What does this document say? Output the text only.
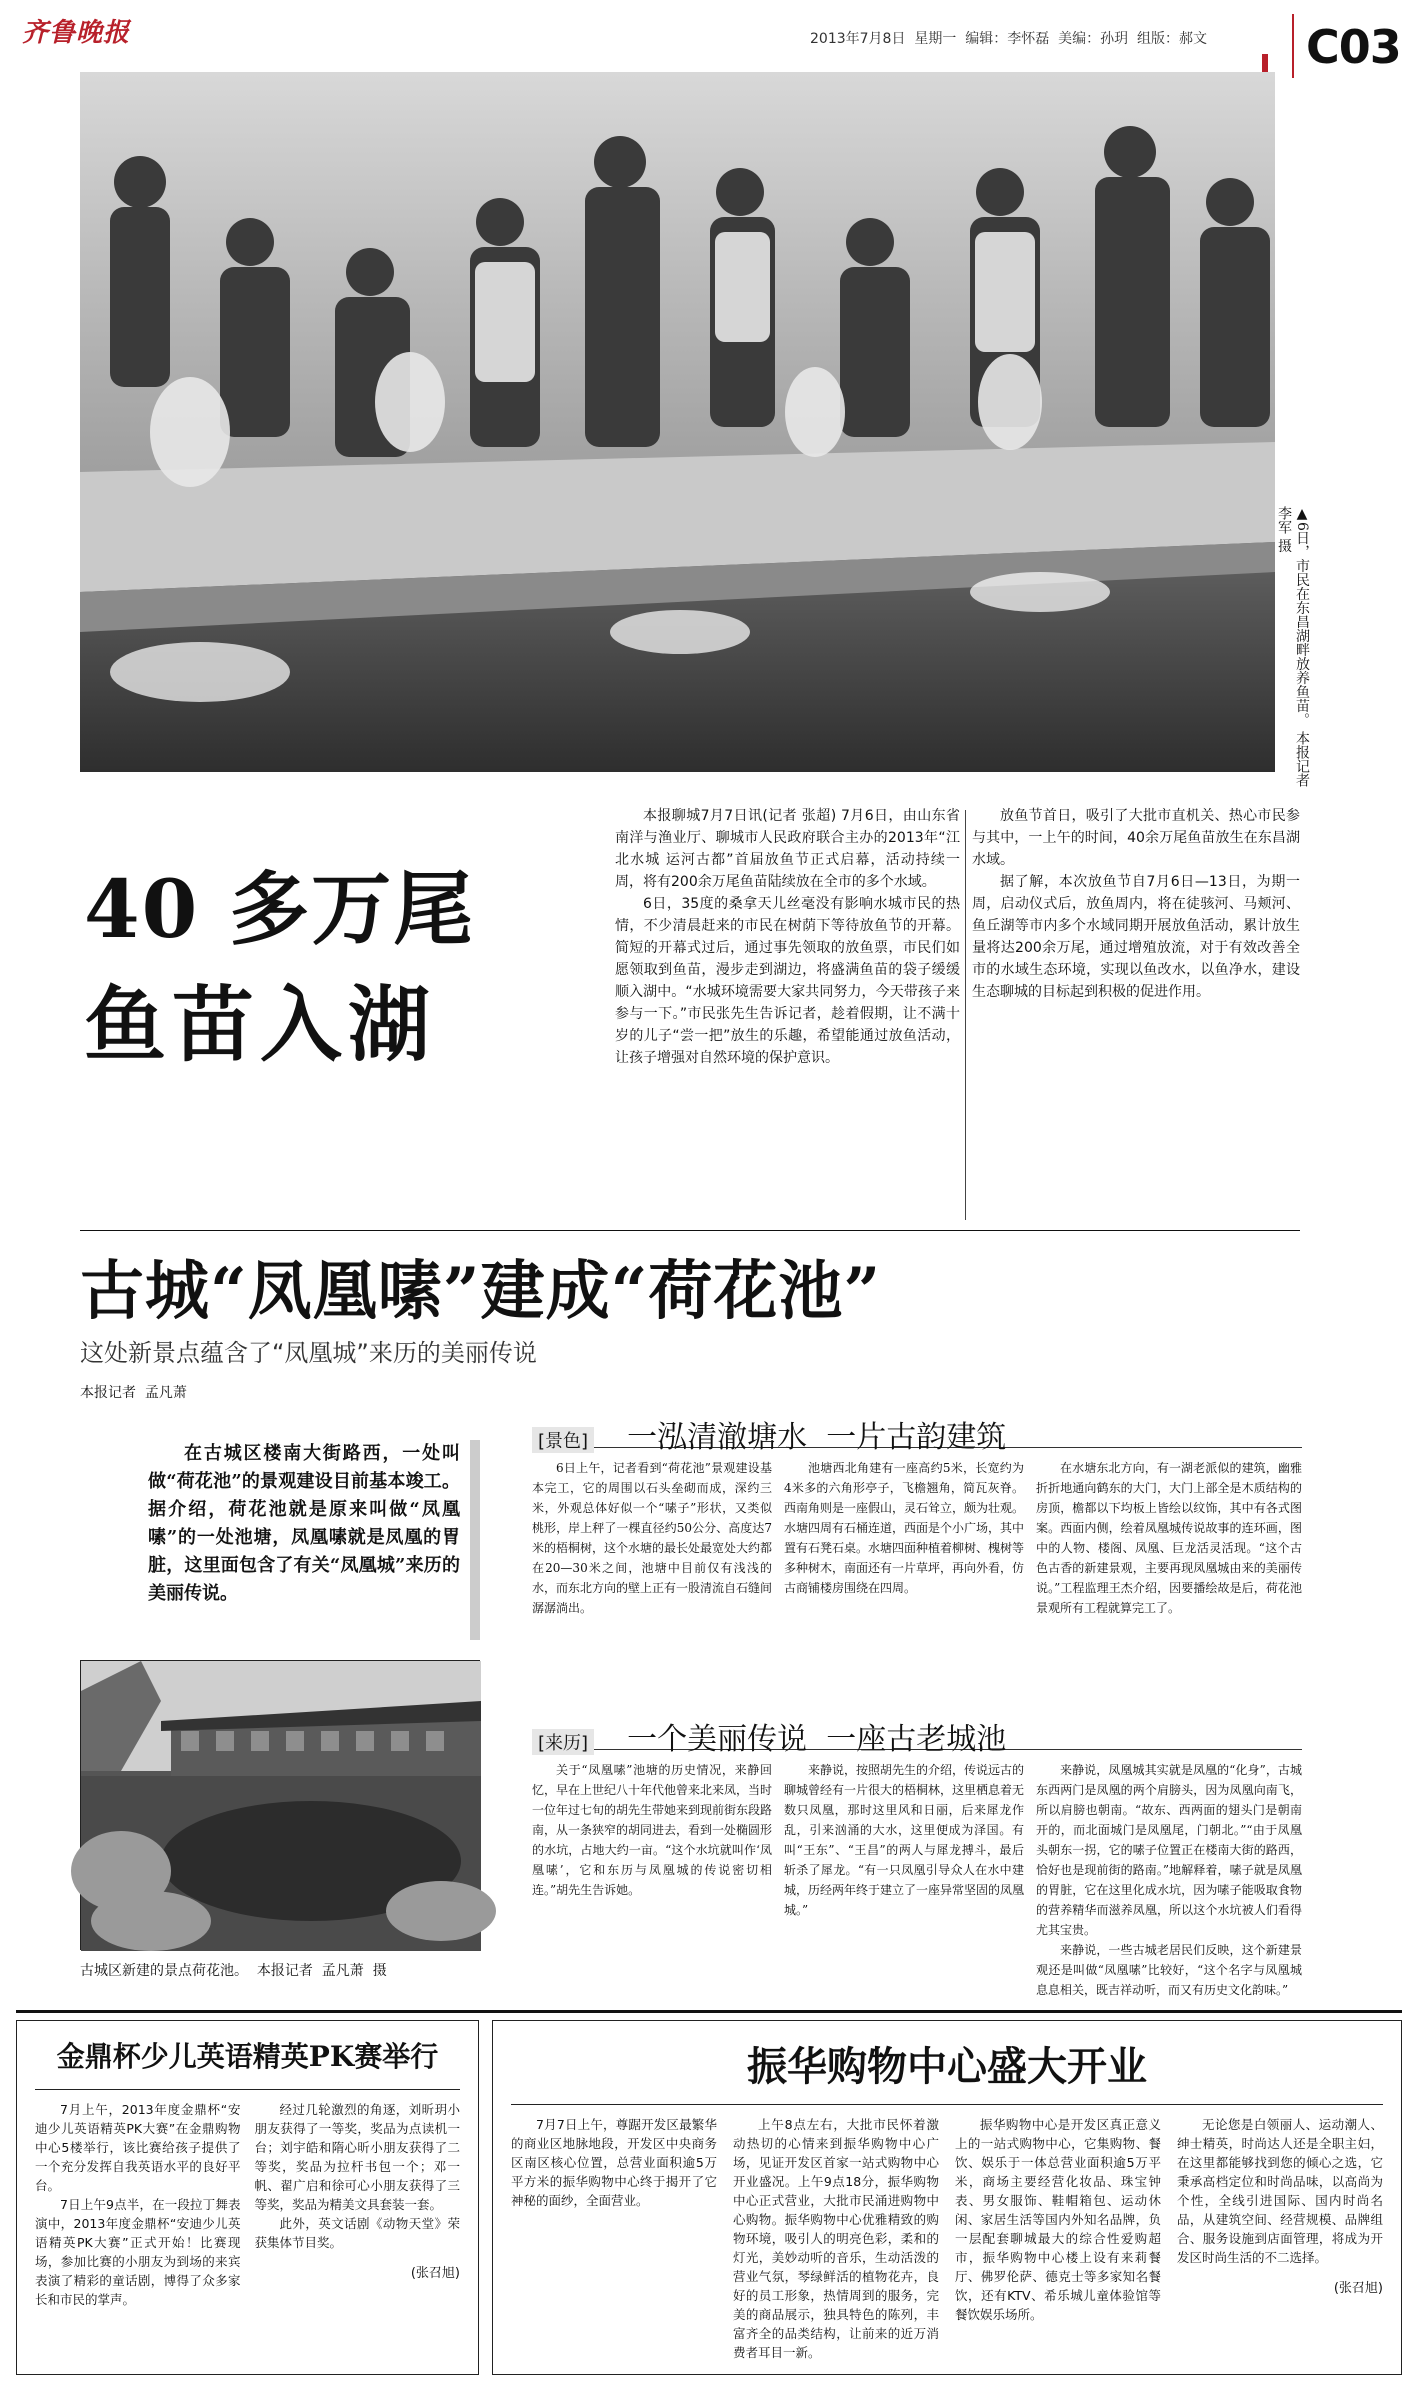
齐鲁晚报	2013年7月8日  星期一  编辑：李怀磊  美编：孙玥  组版：郝文 C03
▲6日，市民在东昌湖畔放养鱼苗。 本报记者 李军 摄
40 多万尾
鱼苗入湖

本报聊城7月7日讯(记者 张超) 7月6日，由山东省南洋与渔业厅、聊城市人民政府联合主办的2013年“江北水城 运河古都”首届放鱼节正式启幕，活动持续一周，将有200余万尾鱼苗陆续放在全市的多个水域。

6日，35度的桑拿天儿丝毫没有影响水城市民的热情，不少清晨赶来的市民在树荫下等待放鱼节的开幕。简短的开幕式过后，通过事先领取的放鱼票，市民们如愿领取到鱼苗，漫步走到湖边，将盛满鱼苗的袋子缓缓顺入湖中。“水城环境需要大家共同努力，今天带孩子来参与一下。”市民张先生告诉记者，趁着假期，让不满十岁的儿子“尝一把”放生的乐趣，希望能通过放鱼活动，让孩子增强对自然环境的保护意识。

放鱼节首日，吸引了大批市直机关、热心市民参与其中，一上午的时间，40余万尾鱼苗放生在东昌湖水域。

据了解，本次放鱼节自7月6日—13日，为期一周，启动仪式后，放鱼周内，将在徒骇河、马颊河、鱼丘湖等市内多个水域同期开展放鱼活动，累计放生量将达200余万尾，通过增殖放流，对于有效改善全市的水域生态环境，实现以鱼改水，以鱼净水，建设生态聊城的目标起到积极的促进作用。

古城“凤凰嗉”建成“荷花池”
这处新景点蕴含了“凤凰城”来历的美丽传说
本报记者  孟凡萧

在古城区楼南大街路西，一处叫做“荷花池”的景观建设目前基本竣工。据介绍，荷花池就是原来叫做“凤凰嗉”的一处池塘，凤凰嗉就是凤凰的胃脏，这里面包含了有关“凤凰城”来历的美丽传说。

古城区新建的景点荷花池。  本报记者  孟凡萧  摄
[景色] 一泓清澈塘水  一片古韵建筑

6日上午，记者看到“荷花池”景观建设基本完工，它的周围以石头垒砌而成，深约三米，外观总体好似一个“嗉子”形状，又类似桃形，岸上秤了一棵直径约50公分、高度达7米的梧桐树，这个水塘的最长处最宽处大约都在20—30米之间，池塘中目前仅有浅浅的水，而东北方向的壁上正有一股清流自石缝间潺潺淌出。

池塘西北角建有一座高约5米，长宽约为4米多的六角形亭子，飞檐翘角，简瓦灰脊。西南角则是一座假山，灵石耸立，颇为壮观。水塘四周有石桶连道，西面是个小广场，其中置有石凳石桌。水塘四面种植着柳树、槐树等多种树木，南面还有一片草坪，再向外看，仿古商铺楼房围绕在四周。

在水塘东北方向，有一湖老派似的建筑，幽雅折折地通向鹤东的大门，大门上部全是木质结构的房顶，檐都以下均板上皆绘以纹饰，其中有各式图案。西面内侧，绘着凤凰城传说故事的连环画，图中的人物、楼阁、凤凰、巨龙活灵活现。“这个古色古香的新建景观，主要再现凤凰城由来的美丽传说。”工程监理王杰介绍，因要播绘故是后，荷花池景观所有工程就算完工了。

[来历] 一个美丽传说  一座古老城池

关于“凤凰嗉”池塘的历史情况，来静回忆，早在上世纪八十年代他曾来北来凤，当时一位年过七旬的胡先生带她来到现前街东段路南，从一条狭窄的胡同进去，看到一处椭圆形的水坑，占地大约一亩。“这个水坑就叫作‘凤凰嗉’，它和东历与凤凰城的传说密切相连。”胡先生告诉她。

来静说，按照胡先生的介绍，传说远古的聊城曾经有一片很大的梧桐林，这里栖息着无数只凤凰，那时这里风和日丽，后来犀龙作乱，引来汹涌的大水，这里便成为泽国。有叫“王东”、“王昌”的两人与犀龙搏斗，最后斩杀了犀龙。“有一只凤凰引导众人在水中建城，历经两年终于建立了一座异常坚固的凤凰城。”

来静说，凤凰城其实就是凤凰的“化身”，古城东西两门是凤凰的两个肩膀头，因为凤凰向南飞，所以肩膀也朝南。“故东、西两面的翅头门是朝南开的，而北面城门是凤凰尾，门朝北。”“由于凤凰头朝东一拐，它的嗉子位置正在楼南大街的路西，恰好也是现前街的路南。”地解释着，嗉子就是凤凰的胃脏，它在这里化成水坑，因为嗉子能吸取食物的营养精华而滋养凤凰，所以这个水坑被人们看得尤其宝贵。

来静说，一些古城老居民们反映，这个新建景观还是叫做“凤凰嗉”比较好，“这个名字与凤凰城息息相关，既吉祥动听，而又有历史文化韵味。”

金鼎杯少儿英语精英PK赛举行

7月上午，2013年度金鼎杯“安迪少儿英语精英PK大赛”在金鼎购物中心5楼举行，该比赛给孩子提供了一个充分发挥自我英语水平的良好平台。

7日上午9点半，在一段拉丁舞表演中，2013年度金鼎杯“安迪少儿英语精英PK大赛”正式开始！比赛现场，参加比赛的小朋友为到场的来宾表演了精彩的童话剧，博得了众多家长和市民的掌声。

经过几轮激烈的角逐，刘昕玥小朋友获得了一等奖，奖品为点读机一台；刘宇皓和隋心昕小朋友获得了二等奖，奖品为拉杆书包一个；邓一帆、翟广启和徐可心小朋友获得了三等奖，奖品为精美文具套装一套。

此外，英文话剧《动物天堂》荣获集体节目奖。

(张召旭)
振华购物中心盛大开业

7月7日上午，尊踞开发区最繁华的商业区地脉地段，开发区中央商务区南区核心位置，总营业面积逾5万平方米的振华购物中心终于揭开了它神秘的面纱，全面营业。

上午8点左右，大批市民怀着激动热切的心情来到振华购物中心广场，见证开发区首家一站式购物中心开业盛况。上午9点18分，振华购物中心正式营业，大批市民涌进购物中心购物。振华购物中心优雅精致的购物环境，吸引人的明亮色彩，柔和的灯光，美妙动听的音乐，生动活泼的营业气氛，琴绿鲜活的植物花卉，良好的员工形象，热情周到的服务，完美的商品展示，独具特色的陈列，丰富齐全的品类结构，让前来的近万消费者耳目一新。

振华购物中心是开发区真正意义上的一站式购物中心，它集购物、餐饮、娱乐于一体总营业面积逾5万平米，商场主要经营化妆品、珠宝钟表、男女服饰、鞋帽箱包、运动休闲、家居生活等国内外知名品牌，负一层配套聊城最大的综合性爱购超市，振华购物中心楼上设有来莉餐厅、佛罗伦萨、德克士等多家知名餐饮，还有KTV、希乐城儿童体验馆等餐饮娱乐场所。

无论您是白领丽人、运动潮人、绅士精英，时尚达人还是全职主妇，在这里都能够找到您的倾心之选，它秉承高档定位和时尚品味，以高尚为个性，全线引进国际、国内时尚名品，从建筑空间、经营规模、品牌组合、服务设施到店面管理，将成为开发区时尚生活的不二选择。

(张召旭)
